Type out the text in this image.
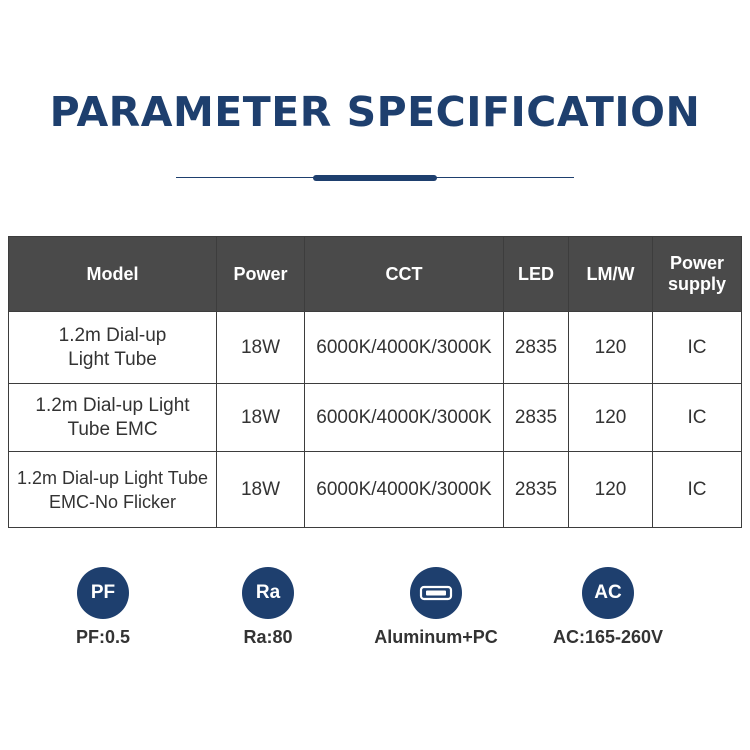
PARAMETER SPECIFICATION
Model	Power	CCT	LED	LM/W	Power supply
1.2m Dial-up Light Tube	18W	6000K/4000K/3000K	2835	120	IC
1.2m Dial-up Light Tube EMC	18W	6000K/4000K/3000K	2835	120	IC
1.2m Dial-up Light Tube EMC-No Flicker	18W	6000K/4000K/3000K	2835	120	IC
PF
PF:0.5
Ra
Ra:80	Aluminum+PC
AC
AC:165-260V
